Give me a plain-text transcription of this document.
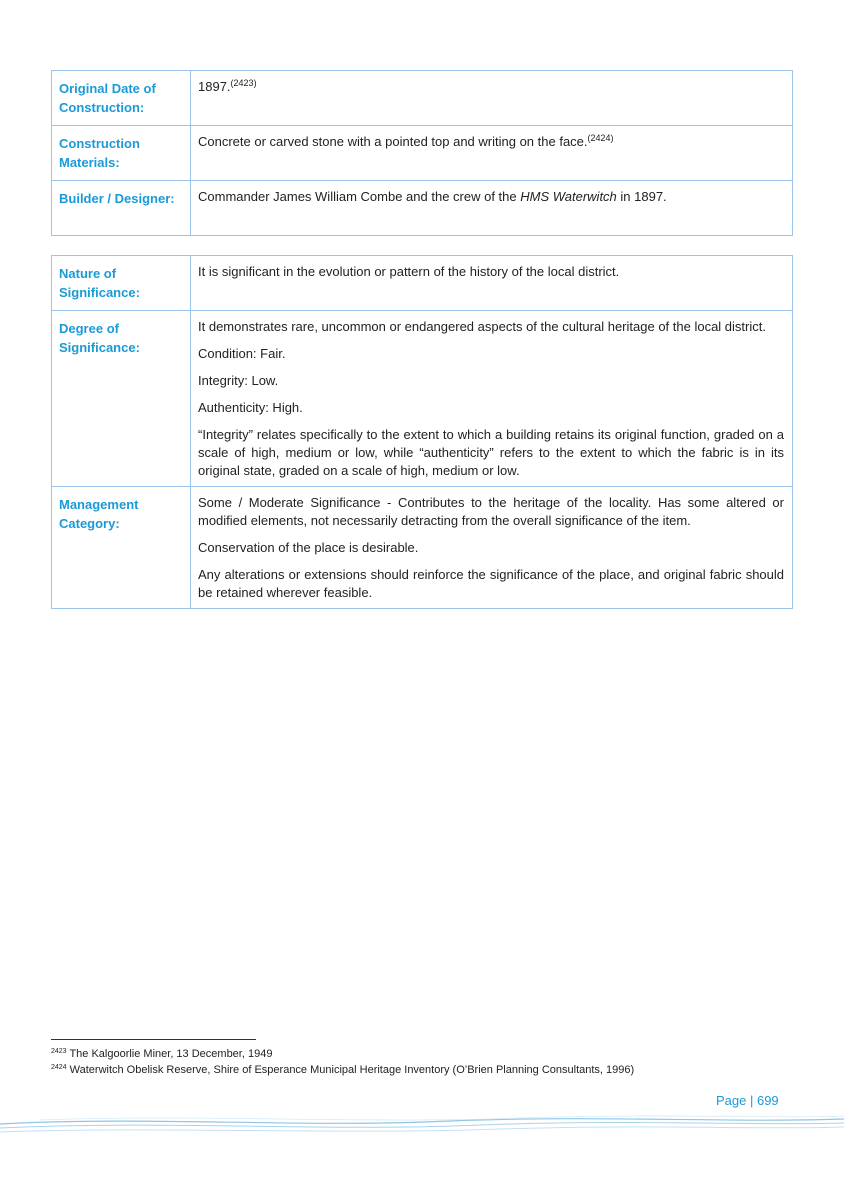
Original Date of Construction:	1897.$^{(2423)}$
Construction Materials:	Concrete or carved stone with a pointed top and writing on the face.$^{(2424)}$
Builder / Designer:	Commander James William Combe and the crew of the HMS Waterwitch in 1897.
Nature of Significance:	It is significant in the evolution or pattern of the history of the local district.

Degree of Significance:	It demonstrates rare, uncommon or endangered aspects of the cultural heritage of the local district.

Condition: Fair.

Integrity: Low.

Authenticity: High.

“Integrity” relates specifically to the extent to which a building retains its original function, graded on a scale of high, medium or low, while “authenticity” refers to the extent to which the fabric is in its original state, graded on a scale of high, medium or low.

Management Category:	Some / Moderate Significance - Contributes to the heritage of the locality. Has some altered or modified elements, not necessarily detracting from the overall significance of the item.

Conservation of the place is desirable.

Any alterations or extensions should reinforce the significance of the place, and original fabric should be retained wherever feasible.

$^{2423}$ The Kalgoorlie Miner, 13 December, 1949
$^{2424}$ Waterwitch Obelisk Reserve, Shire of Esperance Municipal Heritage Inventory (O’Brien Planning Consultants, 1996)
Page | 699
